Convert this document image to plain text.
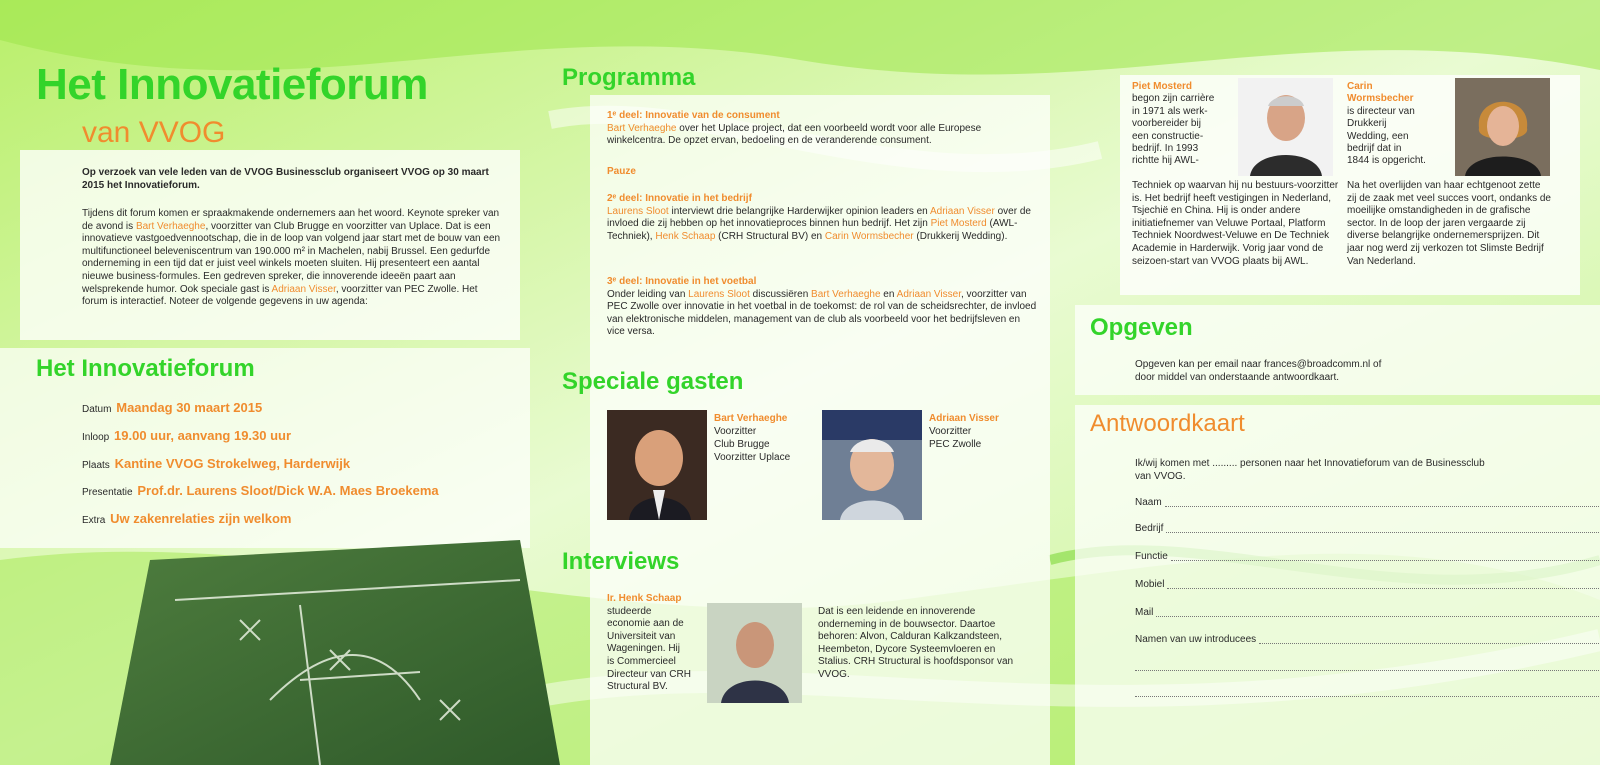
Het Innovatieforum
van VVOG
Op verzoek van vele leden van de VVOG Businessclub organiseert VVOG op 30 maart 2015 het Innovatieforum.
Tijdens dit forum komen er spraakmakende ondernemers aan het woord. Keynote spreker van de avond is Bart Verhaeghe, voorzitter van Club Brugge en voorzitter van Uplace. Dat is een innovatieve vastgoedvennootschap, die in de loop van volgend jaar start met de bouw van een multifunctioneel beleveniscentrum van 190.000 m² in Machelen, nabij Brussel. Een gedurfde onderneming in een tijd dat er juist veel winkels moeten sluiten. Hij presenteert een aantal nieuwe business-formules. Een gedreven spreker, die innoverende ideeën paart aan welsprekende humor. Ook speciale gast is Adriaan Visser, voorzitter van PEC Zwolle. Het forum is interactief. Noteer de volgende gegevens in uw agenda:
Het Innovatieforum
Datum Maandag 30 maart 2015
Inloop 19.00 uur, aanvang 19.30 uur
Plaats Kantine VVOG Strokelweg, Harderwijk
Presentatie Prof.dr. Laurens Sloot/Dick W.A. Maes Broekema
Extra Uw zakenrelaties zijn welkom
Programma
1ᵉ deel: Innovatie van de consument
Bart Verhaeghe over het Uplace project, dat een voorbeeld wordt voor alle Europese winkelcentra. De opzet ervan, bedoeling en de veranderende consument.
Pauze
2ᵉ deel: Innovatie in het bedrijf
Laurens Sloot interviewt drie belangrijke Harderwijker opinion leaders en Adriaan Visser over de invloed die zij hebben op het innovatieproces binnen hun bedrijf. Het zijn Piet Mosterd (AWL-Techniek), Henk Schaap (CRH Structural BV) en Carin Wormsbecher (Drukkerij Wedding).
3ᵉ deel: Innovatie in het voetbal
Onder leiding van Laurens Sloot discussiëren Bart Verhaeghe en Adriaan Visser, voorzitter van PEC Zwolle over innovatie in het voetbal in de toekomst: de rol van de scheidsrechter, de invloed van elektronische middelen, management van de club als voorbeeld voor het bedrijfsleven en vice versa.
Speciale gasten
Bart Verhaeghe
Voorzitter
Club Brugge
Voorzitter Uplace
Adriaan Visser
Voorzitter
PEC Zwolle
Interviews
Ir. Henk Schaap
studeerde
economie aan de
Universiteit van
Wageningen. Hij
is Commercieel
Directeur van CRH
Structural BV.
Dat is een leidende en innoverende onderneming in de bouwsector. Daartoe behoren: Alvon, Calduran Kalkzandsteen, Heembeton, Dycore Systeemvloeren en Stalius. CRH Structural is hoofdsponsor van VVOG.
Piet Mosterd
begon zijn carrière
in 1971 als werk-
voorbereider bij
een constructie-
bedrijf. In 1993
richtte hij AWL-
Techniek op waarvan hij nu bestuurs-voorzitter is. Het bedrijf heeft vestigingen in Nederland, Tsjechië en China. Hij is onder andere initiatiefnemer van Veluwe Portaal, Platform Techniek Noordwest-Veluwe en De Techniek Academie in Harderwijk. Vorig jaar vond de seizoen-start van VVOG plaats bij AWL.
Carin
Wormsbecher
is directeur van
Drukkerij
Wedding, een
bedrijf dat in
1844 is opgericht.
Na het overlijden van haar echtgenoot zette zij de zaak met veel succes voort, ondanks de moeilijke omstandigheden in de grafische sector. In de loop der jaren vergaarde zij diverse belangrijke ondernemersprijzen. Dit jaar nog werd zij verkozen tot Slimste Bedrijf Van Nederland.
Opgeven
Opgeven kan per email naar frances@broadcomm.nl of
door middel van onderstaande antwoordkaart.
Antwoordkaart
Ik/wij komen met ......... personen naar het Innovatieforum van de Businessclub
van VVOG.
Naam
Bedrijf
Functie
Mobiel
Mail
Namen van uw introducees
